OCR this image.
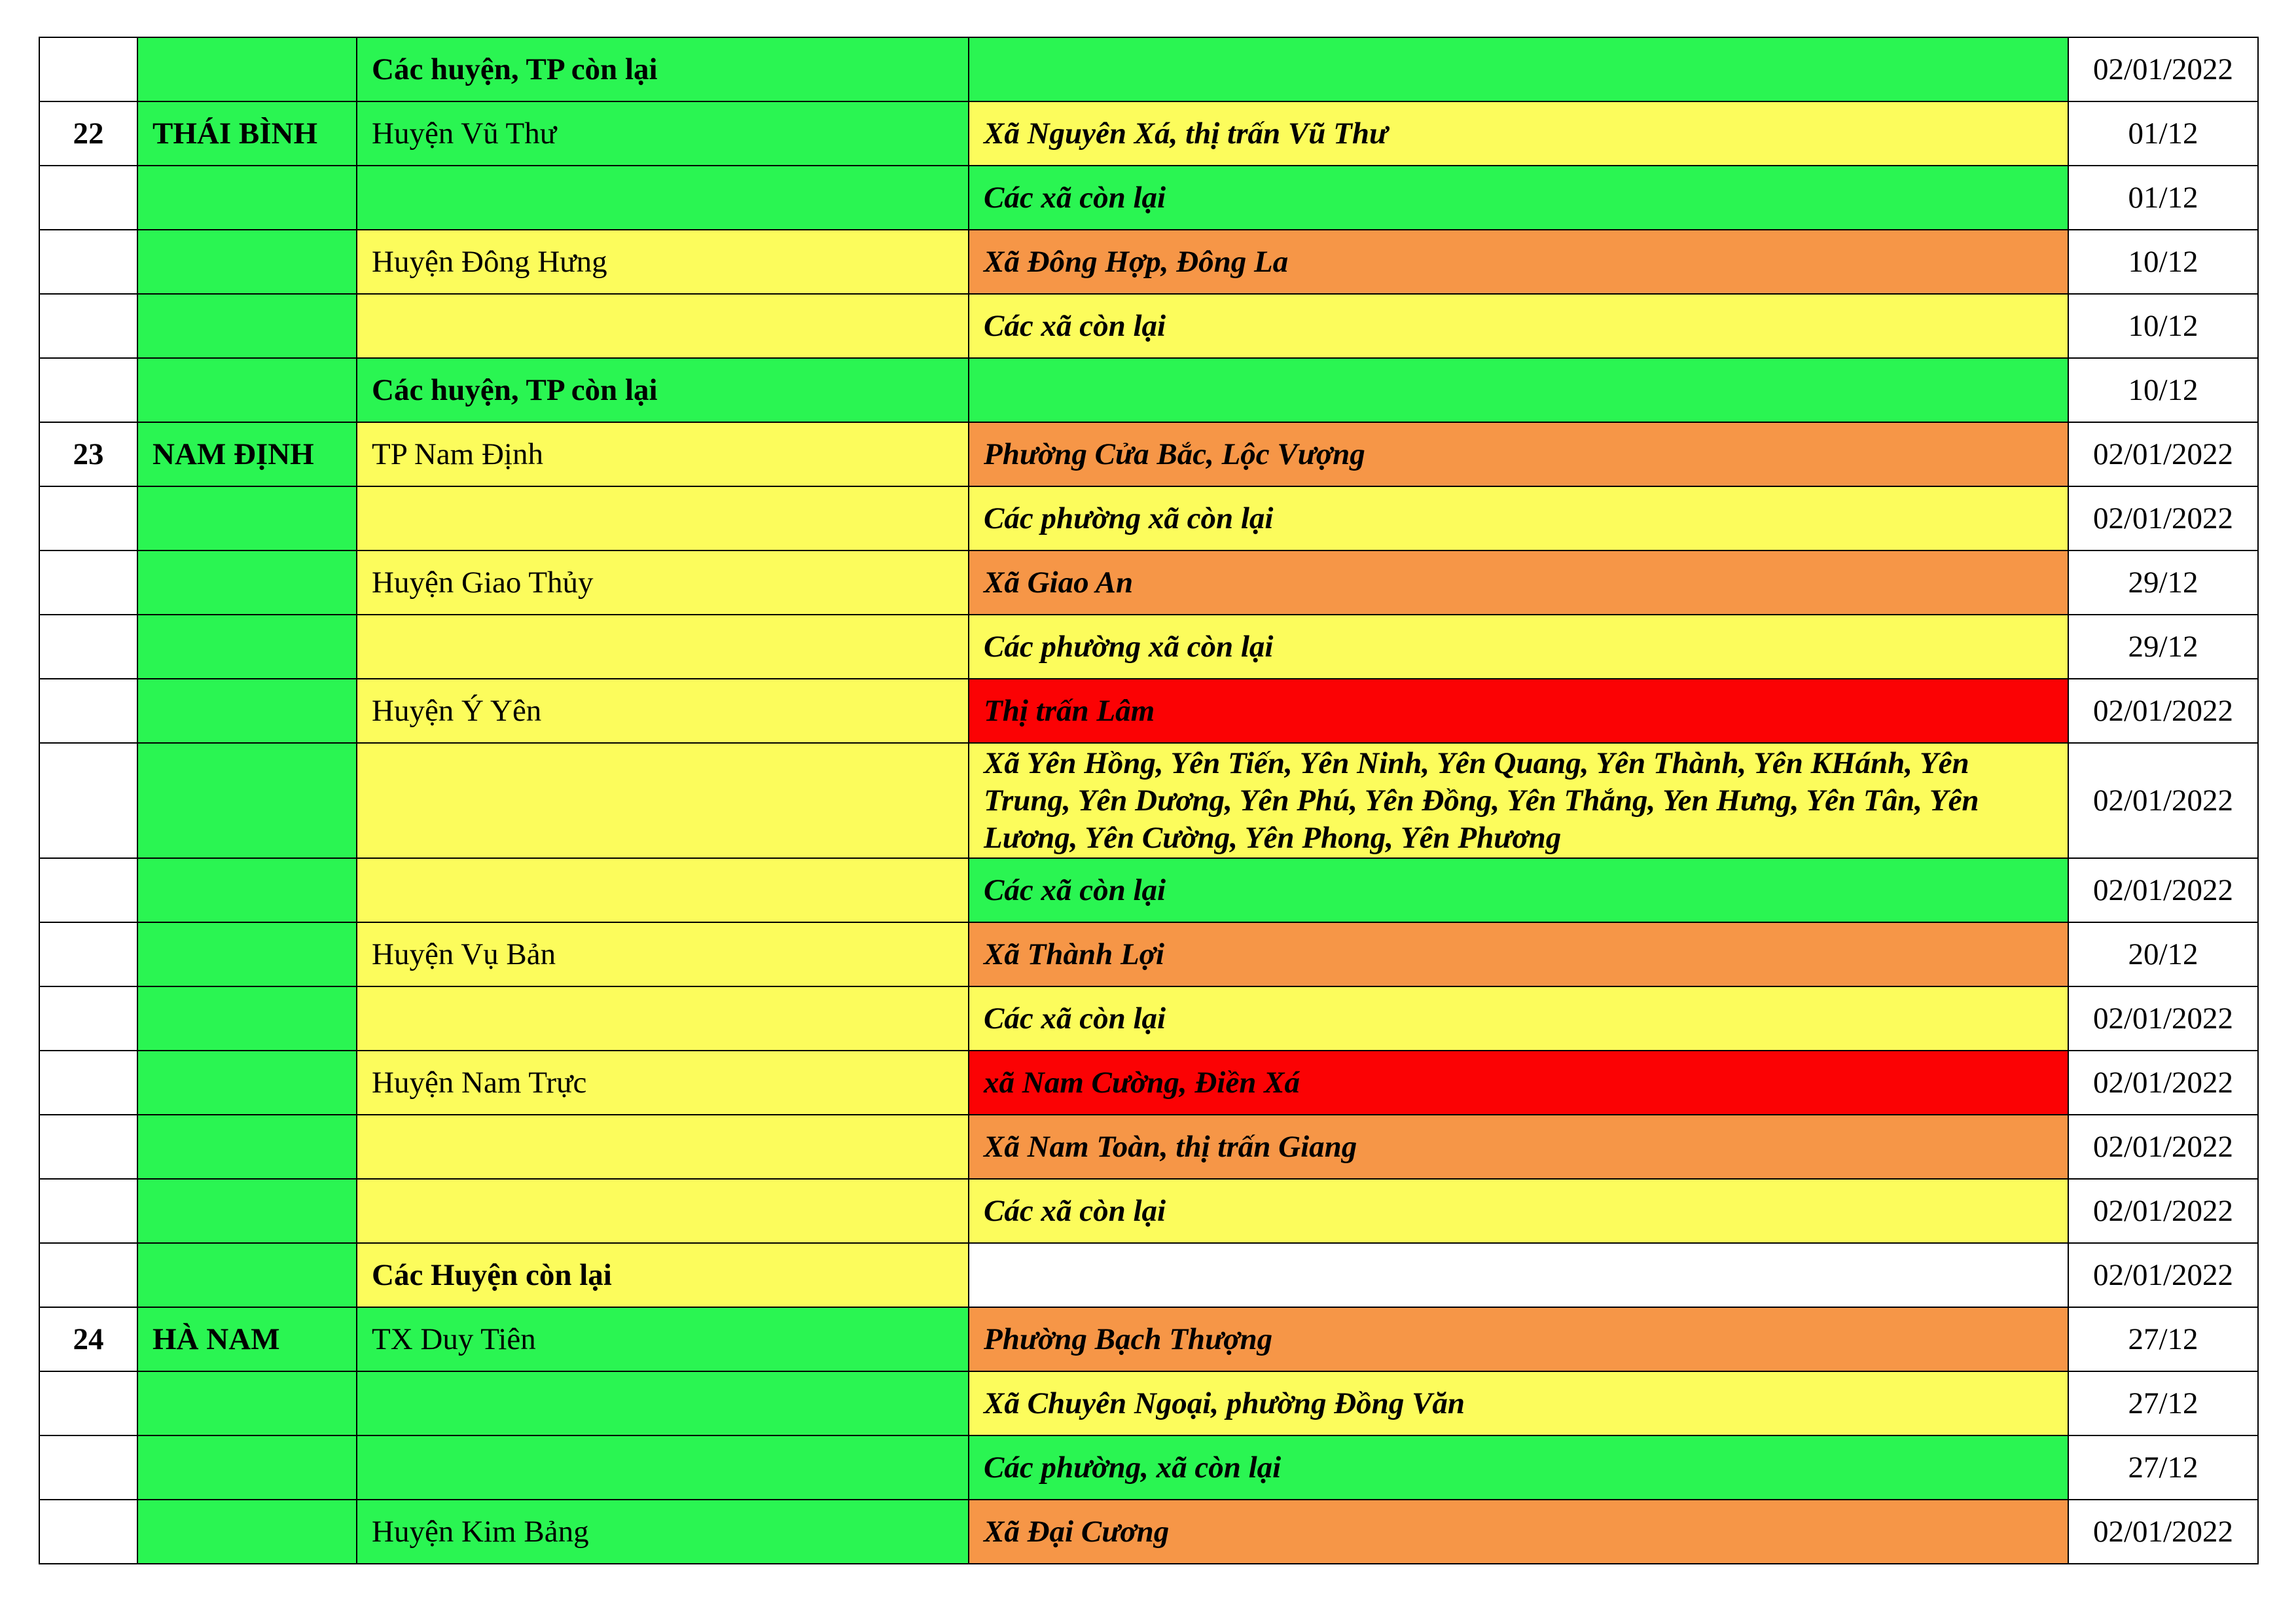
		Các huyện, TP còn lại		02/01/2022
22	THÁI BÌNH	Huyện Vũ Thư	Xã Nguyên Xá, thị trấn Vũ Thư	01/12
			Các xã còn lại	01/12
		Huyện Đông Hưng	Xã Đông Hợp, Đông La	10/12
			Các xã còn lại	10/12
		Các huyện, TP còn lại		10/12
23	NAM ĐỊNH	TP Nam Định	Phường Cửa Bắc, Lộc Vượng	02/01/2022
			Các phường xã còn lại	02/01/2022
		Huyện Giao Thủy	Xã Giao An	29/12
			Các phường xã còn lại	29/12
		Huyện Ý Yên	Thị trấn Lâm	02/01/2022
			Xã Yên Hồng, Yên Tiến, Yên Ninh, Yên Quang, Yên Thành, Yên KHánh, Yên Trung, Yên Dương, Yên Phú, Yên Đồng, Yên Thắng, Yen Hưng, Yên Tân, Yên Lương, Yên Cường, Yên Phong, Yên Phương	02/01/2022
			Các xã còn lại	02/01/2022
		Huyện Vụ Bản	Xã Thành Lợi	20/12
			Các xã còn lại	02/01/2022
		Huyện Nam Trực	xã Nam Cường, Điền Xá	02/01/2022
			Xã Nam Toàn, thị trấn Giang	02/01/2022
			Các xã còn lại	02/01/2022
		Các Huyện còn lại		02/01/2022
24	HÀ NAM	TX Duy Tiên	Phường Bạch Thượng	27/12
			Xã Chuyên Ngoại, phường Đồng Văn	27/12
			Các phường, xã còn lại	27/12
		Huyện Kim Bảng	Xã Đại Cương	02/01/2022
